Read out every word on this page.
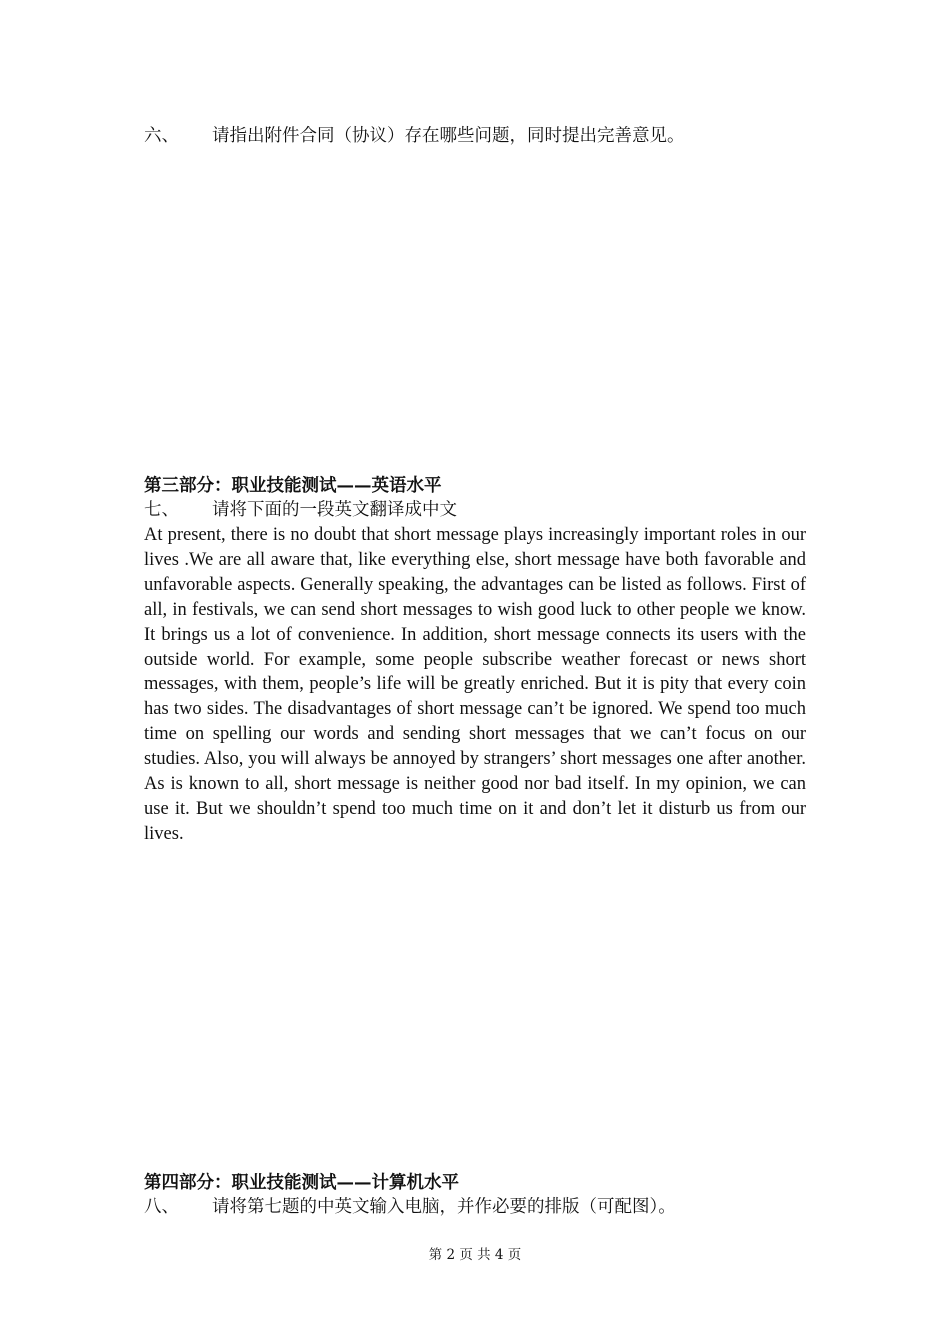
六、 请指出附件合同（协议）存在哪些问题，同时提出完善意见。
第三部分：职业技能测试——英语水平
七、 请将下面的一段英文翻译成中文

At present, there is no doubt that short message plays increasingly important roles in our lives .We are all aware that, like everything else, short message have both favorable and unfavorable aspects. Generally speaking, the advantages can be listed as follows. First of all, in festivals, we can send short messages to wish good luck to other people we know. It brings us a lot of convenience. In addition, short message connects its users with the outside world. For example, some people subscribe weather forecast or news short messages, with them, people’s life will be greatly enriched. But it is pity that every coin has two sides. The disadvantages of short message can’t be ignored. We spend too much time on spelling our words and sending short messages that we can’t focus on our studies. Also, you will always be annoyed by strangers’ short messages one after another. As is known to all, short message is neither good nor bad itself. In my opinion, we can use it. But we shouldn’t spend too much time on it and don’t let it disturb us from our lives.

第四部分：职业技能测试——计算机水平
八、 请将第七题的中英文输入电脑，并作必要的排版（可配图）。
第 2 页 共 4 页
